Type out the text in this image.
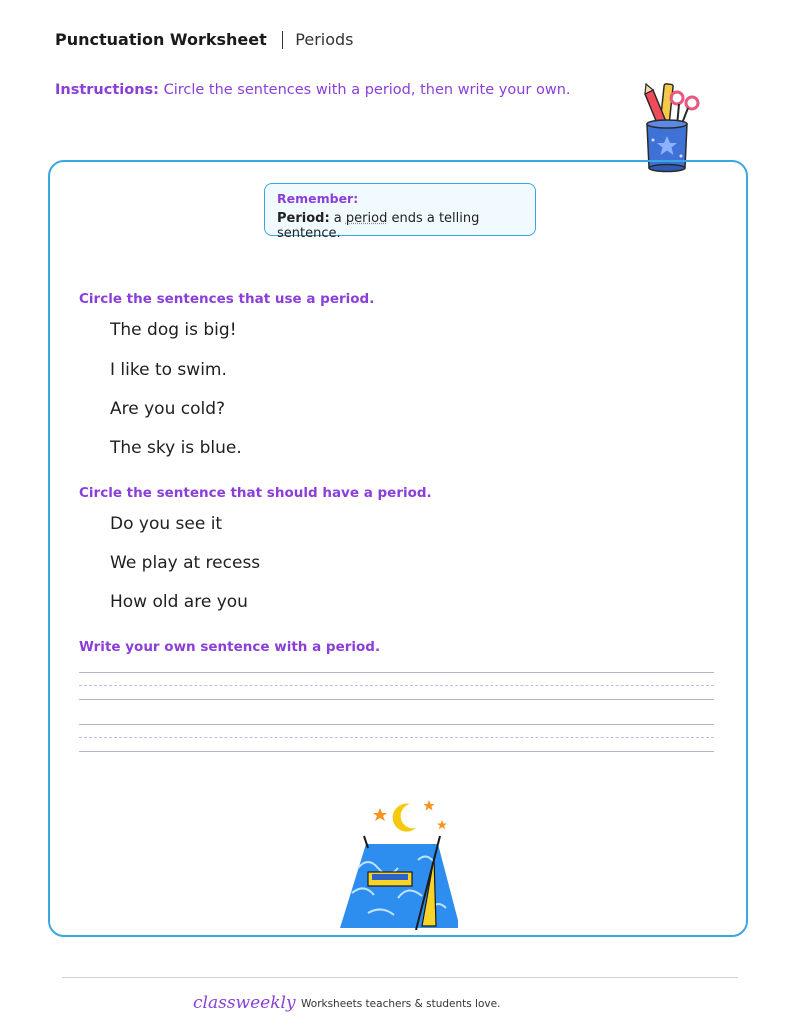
Punctuation Worksheet Periods
Instructions: Circle the sentences with a period, then write your own.
Remember:
Period: a period ends a telling sentence.
Circle the sentences that use a period.
The dog is big!
I like to swim.
Are you cold?
The sky is blue.
Circle the sentence that should have a period.
Do you see it
We play at recess
How old are you
Write your own sentence with a period.
classweekly Worksheets teachers & students love.
